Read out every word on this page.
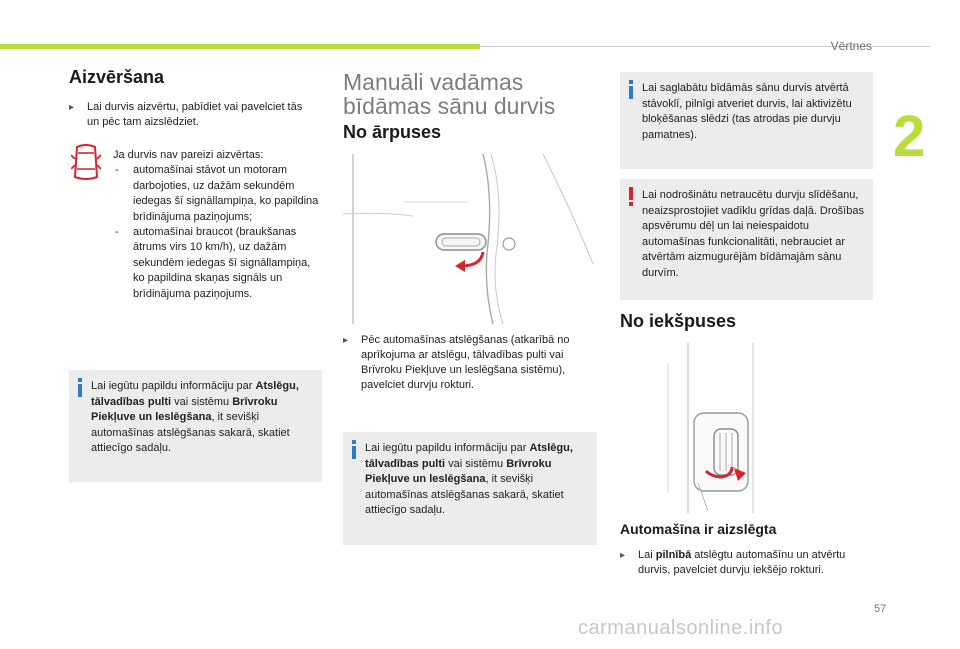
Vērtnes
2
Aizvēršana
▸ Lai durvis aizvērtu, pabīdiet vai pavelciet tās un pēc tam aizslēdziet.
Ja durvis nav pareizi aizvērtas:
- automašīnai stāvot un motoram darbojoties, uz dažām sekundēm iedegas šī signāllampiņa, ko papildina brīdinājuma paziņojums;
- automašīnai braucot (braukšanas ātrums virs 10 km/h), uz dažām sekundēm iedegas šī signāllampiņa, ko papildina skaņas signāls un brīdinājuma paziņojums.
Lai iegūtu papildu informāciju par Atslēgu, tālvadības pulti vai sistēmu Brīvroku Piekļuve un leslēgšana, it sevišķi automašīnas atslēgšanas sakarā, skatiet attiecīgo sadaļu.
Manuāli vadāmas
bīdāmas sānu durvis
No ārpuses
▸ Pēc automašīnas atslēgšanas (atkarībā no aprīkojuma ar atslēgu, tālvadības pulti vai Brīvroku Piekļuve un leslēgšana sistēmu), pavelciet durvju rokturi.
Lai iegūtu papildu informāciju par Atslēgu, tālvadības pulti vai sistēmu Brīvroku Piekļuve un leslēgšana, it sevišķi automašīnas atslēgšanas sakarā, skatiet attiecīgo sadaļu.
Lai saglabātu bīdāmās sānu durvis atvērtā stāvoklī, pilnīgi atveriet durvis, lai aktivizētu bloķēšanas slēdzi (tas atrodas pie durvju pamatnes).
Lai nodrošinātu netraucētu durvju slīdēšanu, neaizsprostojiet vadīklu grīdas daļā. Drošības apsvērumu dēļ un lai neiespaidotu automašīnas funkcionalitāti, nebrauciet ar atvērtām aizmugurējām bīdāmajām sānu durvīm.
No iekšpuses
Automašīna ir aizslēgta
▸ Lai pilnībā atslēgtu automašīnu un atvērtu durvis, pavelciet durvju iekšējo rokturi.
57
carmanualsonline.info
